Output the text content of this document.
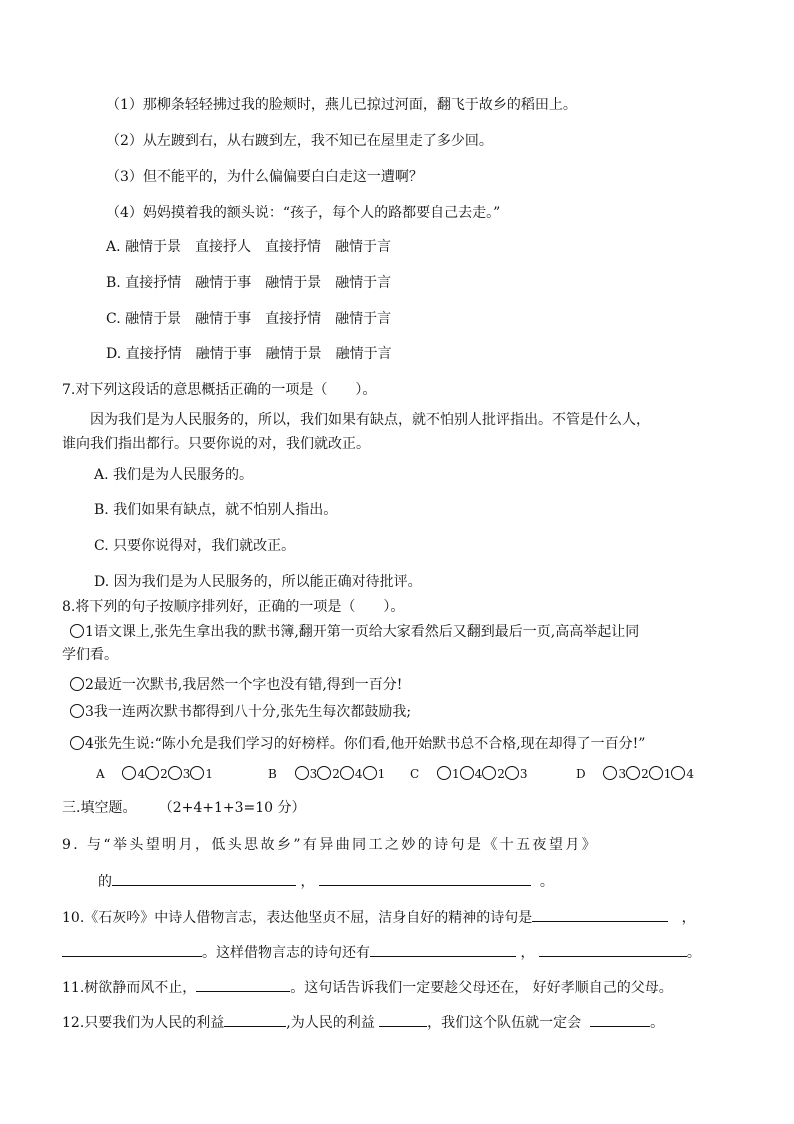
（1）那柳条轻轻拂过我的脸颊时，燕儿已掠过河面，翻飞于故乡的稻田上。
（2）从左踱到右，从右踱到左，我不知已在屋里走了多少回。
（3）但不能平的，为什么偏偏要白白走这一遭啊？
（4）妈妈摸着我的额头说：“孩子，每个人的路都要自己去走。”
A. 融情于景　直接抒人　直接抒情　融情于言
B. 直接抒情　融情于事　融情于景　融情于言
C. 融情于景　融情于事　直接抒情　融情于言
D. 直接抒情　融情于事　融情于景　融情于言
7.对下列这段话的意思概括正确的一项是（　　）。
因为我们是为人民服务的，所以，我们如果有缺点，就不怕别人批评指出。不管是什么人，
谁向我们指出都行。只要你说的对，我们就改正。
A. 我们是为人民服务的。
B. 我们如果有缺点，就不怕别人指出。
C. 只要你说得对，我们就改正。
D. 因为我们是为人民服务的，所以能正确对待批评。
8.将下列的句子按顺序排列好，正确的一项是（　　）。
1语文课上,张先生拿出我的默书簿,翻开第一页给大家看然后又翻到最后一页,高高举起让同
学们看。
2最近一次默书,我居然一个字也没有错,得到一百分!
3我一连两次默书都得到八十分,张先生每次都鼓励我;
4张先生说:“陈小允是我们学习的好榜样。你们看,他开始默书总不合格,现在却得了一百分!”
A	4 2 3 1	B	3 2 4 1 C	1 4 2 3	D	3 2 1 4
三.填空题。 （2+4+1+3=10 分）
9. 与“举头望明月，低头思故乡”有异曲同工之妙的诗句是《十五夜望月》
的	，	。
10.《石灰吟》中诗人借物言志，表达他坚贞不屈，洁身自好的精神的诗句是	，
。这样借物言志的诗句还有	，	。
11.树欲静而风不止，	。这句话告诉我们一定要趁父母还在， 好好孝顺自己的父母。
12.只要我们为人民的利益	,为人民的利益	，我们这个队伍就一定会	。
